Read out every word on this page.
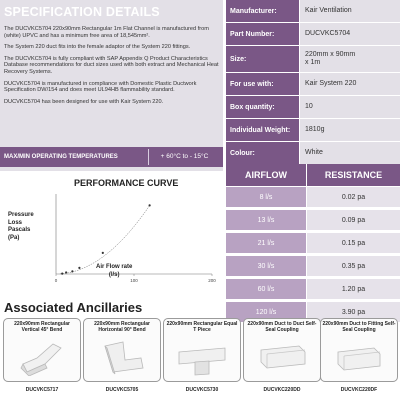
SPECIFICATION DETAILS

The DUCVKC5704 220x90mm Rectangular 1m Flat Channel is manufactured from (white) UPVC and has a minimum free area of 18,545mm².

The System 220 duct fits into the female adaptor of the System 220 fittings.

The DUCVKC5704 is fully compliant with SAP Appendix Q Product Characteristics Database recommendations for duct sizes used with both extract and Mechanical Heat Recovery Systems.

DUCVKC5704 is manufactured in compliance with Domestic Plastic Ductwork Specification DW/154 and does meet UL94HB flammability standard.

DUCVKC5704 has been designed for use with Kair System 220.

MAX/MIN OPERATING TEMPERATURES	+ 60°C to - 15°C
Manufacturer:	Kair Ventilation
Part Number:	DUCVKC5704
Size:
220mm x 90mm
x 1m
For use with:	Kair System 220
Box quantity:	10
Individual Weight:	1810g
Colour:	White
0	100	200
PERFORMANCE CURVE
Pressure
Loss
Pascals
(Pa)
Air Flow rate
(l/s)
AIRFLOW	RESISTANCE
8 l/s	0.02 pa
13 l/s	0.09 pa
21 l/s	0.15 pa
30 l/s	0.35 pa
60 l/s	1.20 pa
120 l/s	3.90 pa
Associated Ancillaries
220x90mm Rectangular Vertical 45° Bend
DUCVKC5717
220x90mm Rectangular Horizontal 90° Bend
DUCVKC5705
220x90mm Rectangular Equal T Piece
DUCVKC5730
220x90mm Duct to Duct Self-Seal Coupling
DUCVKC220DD
220x90mm Duct to Fitting Self-Seal Coupling
DUCVKC220DF
